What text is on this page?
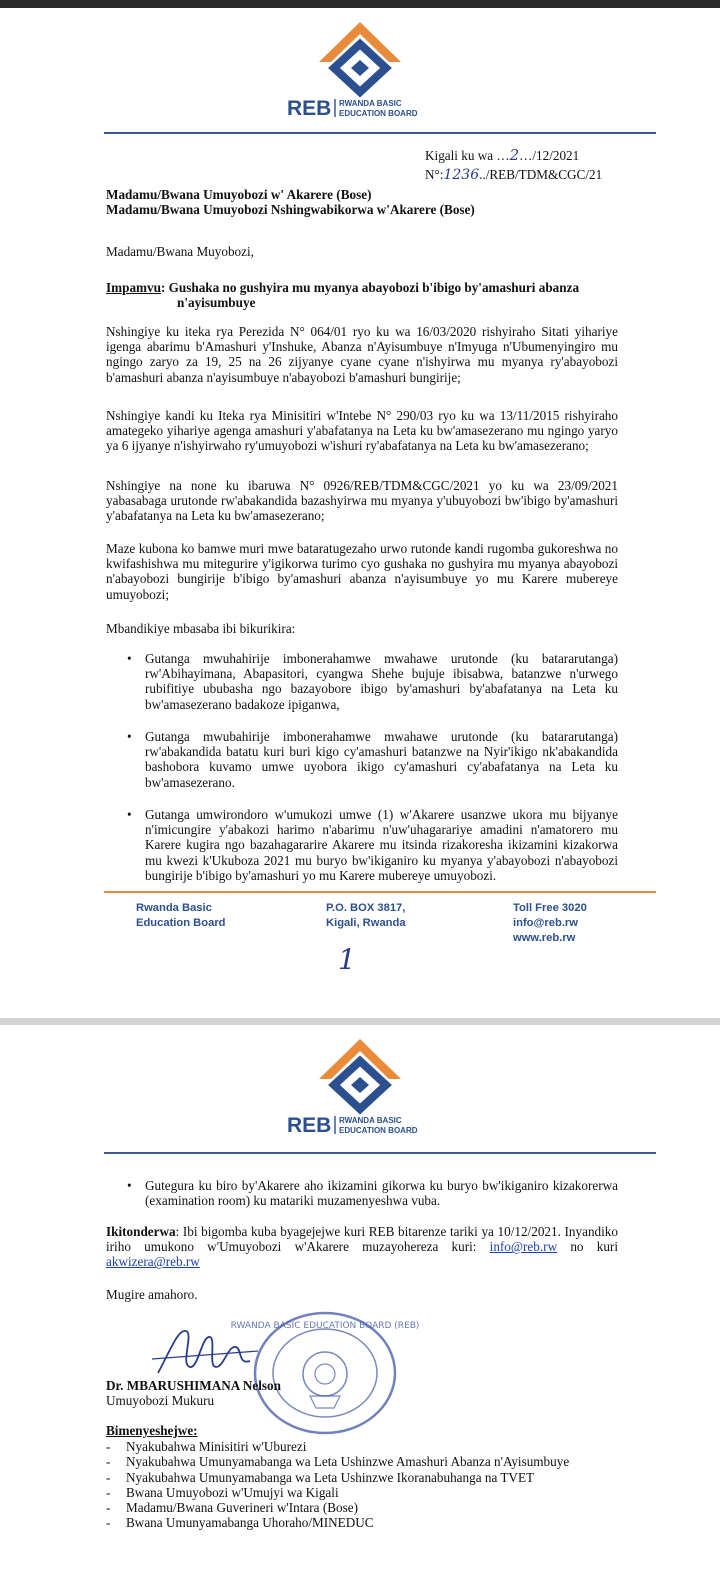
REB RWANDA BASIC
EDUCATION BOARD
Kigali ku wa …2…/12/2021
N°:1236../REB/TDM&CGC/21
Madamu/Bwana Umuyobozi w' Akarere (Bose)
Madamu/Bwana Umuyobozi Nshingwabikorwa w'Akarere (Bose)
Madamu/Bwana Muyobozi,
Impamvu: Gushaka no gushyira mu myanya abayobozi b'ibigo by'amashuri abanza
n'ayisumbuye
Nshingiye ku iteka rya Perezida N° 064/01 ryo ku wa 16/03/2020 rishyiraho Sitati yihariye igenga abarimu b'Amashuri y'Inshuke, Abanza n'Ayisumbuye n'Imyuga n'Ubumenyingiro mu ngingo zaryo za 19, 25 na 26 zijyanye cyane cyane n'ishyirwa mu myanya ry'abayobozi b'amashuri abanza n'ayisumbuye n'abayobozi b'amashuri bungirije;
Nshingiye kandi ku Iteka rya Minisitiri w'Intebe N° 290/03 ryo ku wa 13/11/2015 rishyiraho amategeko yihariye agenga amashuri y'abafatanya na Leta ku bw'amasezerano mu ngingo yaryo ya 6 ijyanye n'ishyirwaho ry'umuyobozi w'ishuri ry'abafatanya na Leta ku bw'amasezerano;
Nshingiye na none ku ibaruwa N° 0926/REB/TDM&CGC/2021 yo ku wa 23/09/2021 yabasabaga urutonde rw'abakandida bazashyirwa mu myanya y'ubuyobozi bw'ibigo by'amashuri y'abafatanya na Leta ku bw'amasezerano;
Maze kubona ko bamwe muri mwe bataratugezaho urwo rutonde kandi rugomba gukoreshwa no kwifashishwa mu mitegurire y'igikorwa turimo cyo gushaka no gushyira mu myanya abayobozi n'abayobozi bungirije b'ibigo by'amashuri abanza n'ayisumbuye yo mu Karere mubereye umuyobozi;
Mbandikiye mbasaba ibi bikurikira:
• Gutanga mwuhahirije imbonerahamwe mwahawe urutonde (ku batararutanga) rw'Abihayimana, Abapasitori, cyangwa Shehe bujuje ibisabwa, batanzwe n'urwego rubifitiye ububasha ngo bazayobore ibigo by'amashuri by'abafatanya na Leta ku bw'amasezerano badakoze ipiganwa,
• Gutanga mwubahirije imbonerahamwe mwahawe urutonde (ku batararutanga) rw'abakandida batatu kuri buri kigo cy'amashuri batanzwe na Nyir'ikigo nk'abakandida bashobora kuvamo umwe uyobora ikigo cy'amashuri cy'abafatanya na Leta ku bw'amasezerano.
• Gutanga umwirondoro w'umukozi umwe (1) w'Akarere usanzwe ukora mu bijyanye n'imicungire y'abakozi harimo n'abarimu n'uw'uhagarariye amadini n'amatorero mu Karere kugira ngo bazahagararire Akarere mu itsinda rizakoresha ikizamini kizakorwa mu kwezi k'Ukuboza 2021 mu buryo bw'ikiganiro ku myanya y'abayobozi n'abayobozi bungirije b'ibigo by'amashuri yo mu Karere mubereye umuyobozi.
Rwanda Basic
Education Board
P.O. BOX 3817,
Kigali, Rwanda
Toll Free 3020
info@reb.rw
www.reb.rw
1
REB RWANDA BASIC
EDUCATION BOARD
• Gutegura ku biro by'Akarere aho ikizamini gikorwa ku buryo bw'ikiganiro kizakorerwa (examination room) ku matariki muzamenyeshwa vuba.
Ikitonderwa: Ibi bigomba kuba byagejejwe kuri REB bitarenze tariki ya 10/12/2021. Inyandiko iriho umukono w'Umuyobozi w'Akarere muzayohereza kuri: info@reb.rw no kuri akwizera@reb.rw
Mugire amahoro.
RWANDA BASIC EDUCATION BOARD (REB)
Dr. MBARUSHIMANA Nelson
Umuyobozi Mukuru
Bimenyeshejwe:
- Nyakubahwa Minisitiri w'Uburezi
- Nyakubahwa Umunyamabanga wa Leta Ushinzwe Amashuri Abanza n'Ayisumbuye
- Nyakubahwa Umunyamabanga wa Leta Ushinzwe Ikoranabuhanga na TVET
- Bwana Umuyobozi w'Umujyi wa Kigali
- Madamu/Bwana Guverineri w'Intara (Bose)
- Bwana Umunyamabanga Uhoraho/MINEDUC
